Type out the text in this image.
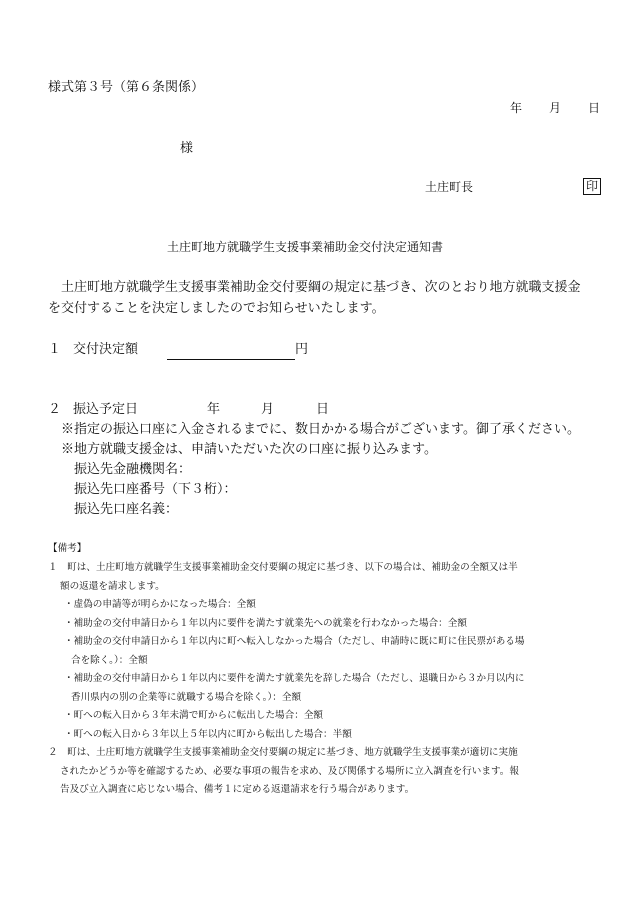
様式第３号（第６条関係）
年 月 日
様
土庄町長	印
土庄町地方就職学生支援事業補助金交付決定通知書
土庄町地方就職学生支援事業補助金交付要綱の規定に基づき、次のとおり地方就職支援金
を交付することを決定しましたのでお知らせいたします。
１ 交付決定額	円
２ 振込予定日	年	月	日
※指定の振込口座に入金されるまでに、数日かかる場合がございます。御了承ください。
※地方就職支援金は、申請いただいた次の口座に振り込みます。
振込先金融機関名：
振込先口座番号（下３桁）：
振込先口座名義：
【備考】
１　町は、土庄町地方就職学生支援事業補助金交付要綱の規定に基づき、以下の場合は、補助金の全額又は半
額の返還を請求します。
・虚偽の申請等が明らかになった場合：全額
・補助金の交付申請日から１年以内に要件を満たす就業先への就業を行わなかった場合：全額
・補助金の交付申請日から１年以内に町へ転入しなかった場合（ただし、申請時に既に町に住民票がある場
合を除く。）：全額
・補助金の交付申請日から１年以内に要件を満たす就業先を辞した場合（ただし、退職日から３か月以内に
香川県内の別の企業等に就職する場合を除く。）：全額
・町への転入日から３年未満で町からに転出した場合：全額
・町への転入日から３年以上５年以内に町から転出した場合：半額
２　町は、土庄町地方就職学生支援事業補助金交付要綱の規定に基づき、地方就職学生支援事業が適切に実施
されたかどうか等を確認するため、必要な事項の報告を求め、及び関係する場所に立入調査を行います。報
告及び立入調査に応じない場合、備考１に定める返還請求を行う場合があります。
